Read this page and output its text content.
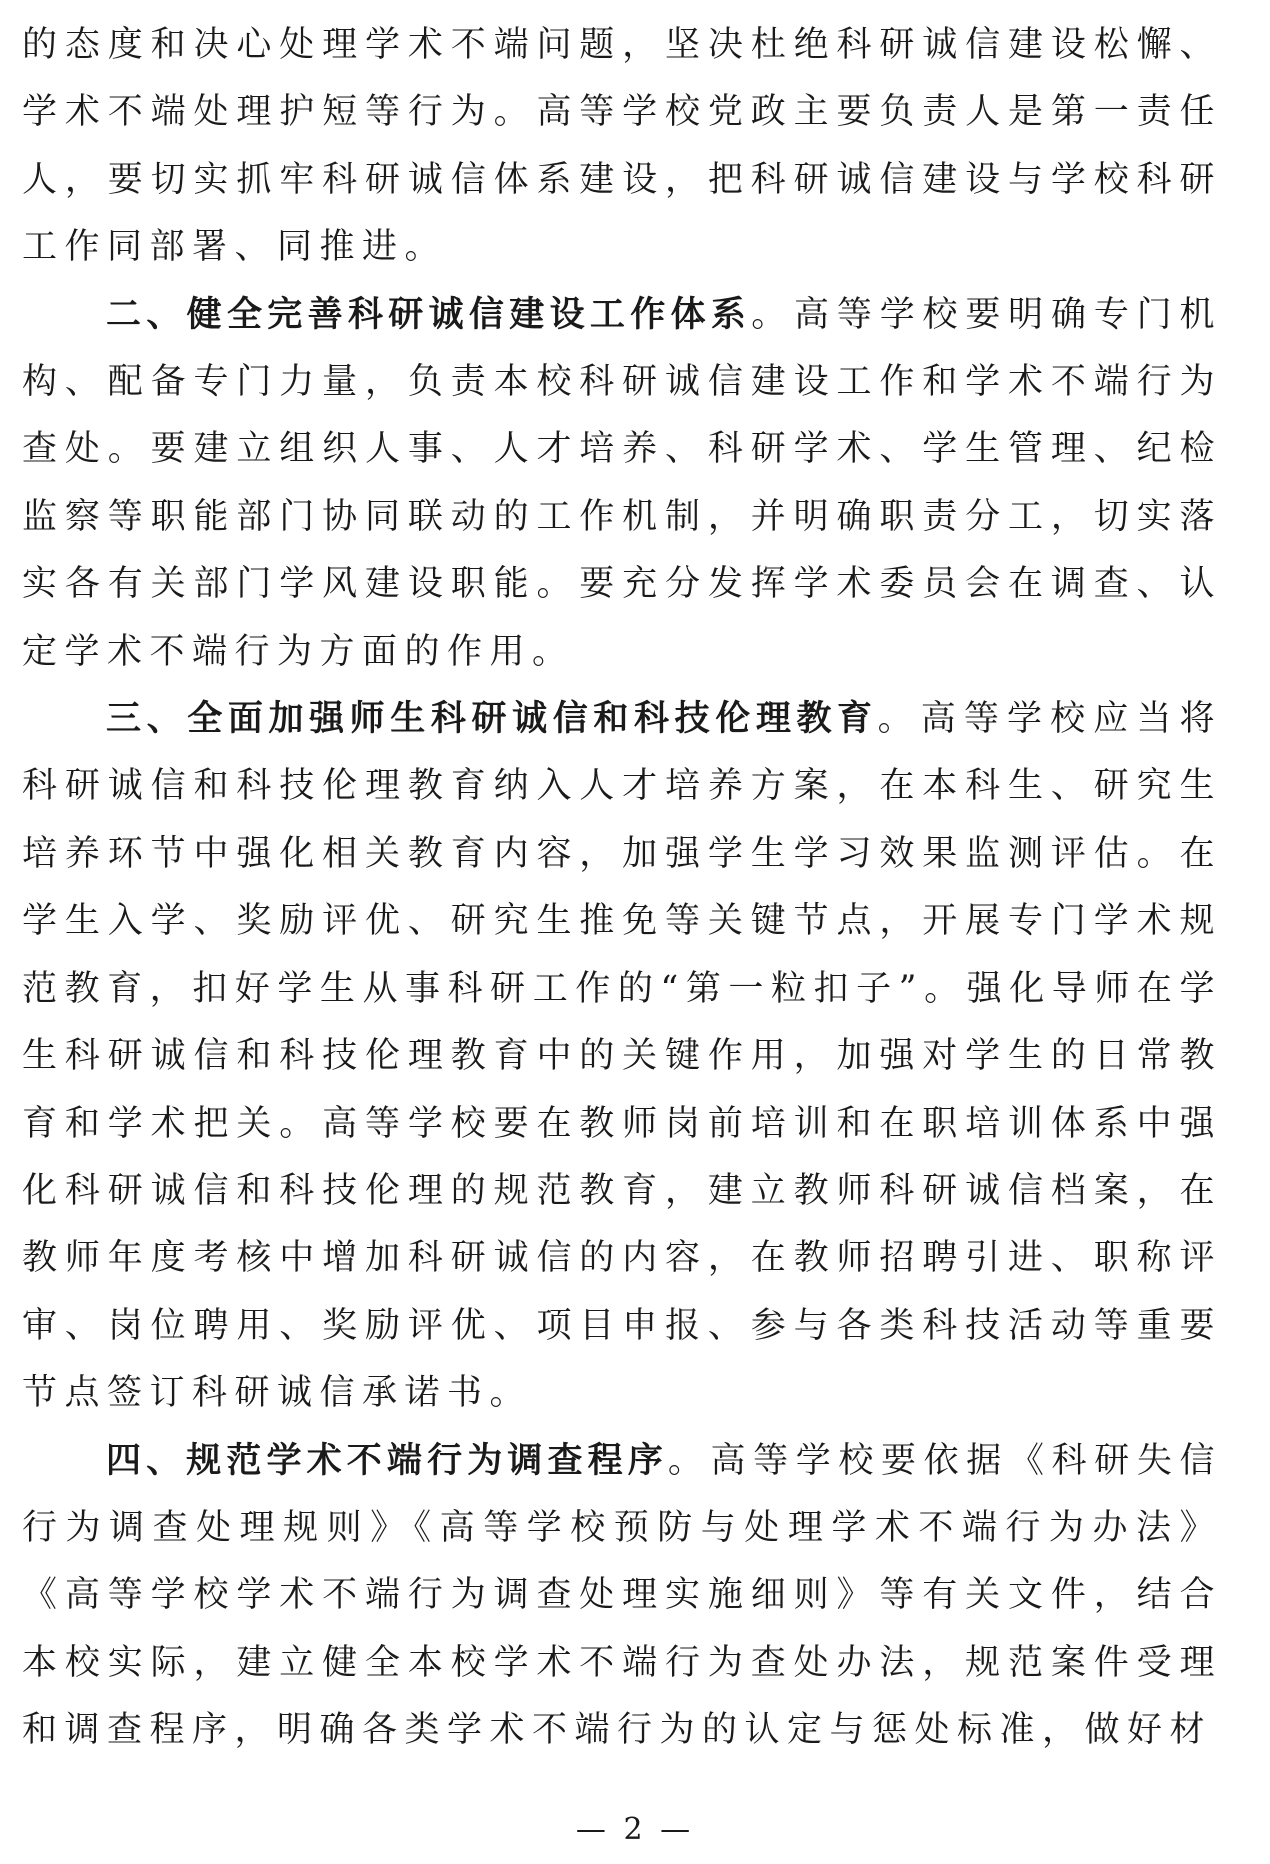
的态度和决心处理学术不端问题，坚决杜绝科研诚信建设松懈、学术不端处理护短等行为。高等学校党政主要负责人是第一责任人，要切实抓牢科研诚信体系建设，把科研诚信建设与学校科研工作同部署、同推进。

二、健全完善科研诚信建设工作体系。高等学校要明确专门机构、配备专门力量，负责本校科研诚信建设工作和学术不端行为查处。要建立组织人事、人才培养、科研学术、学生管理、纪检监察等职能部门协同联动的工作机制，并明确职责分工，切实落实各有关部门学风建设职能。要充分发挥学术委员会在调查、认定学术不端行为方面的作用。

三、全面加强师生科研诚信和科技伦理教育。高等学校应当将科研诚信和科技伦理教育纳入人才培养方案，在本科生、研究生培养环节中强化相关教育内容，加强学生学习效果监测评估。在学生入学、奖励评优、研究生推免等关键节点，开展专门学术规范教育，扣好学生从事科研工作的“第一粒扣子”。强化导师在学生科研诚信和科技伦理教育中的关键作用，加强对学生的日常教育和学术把关。高等学校要在教师岗前培训和在职培训体系中强化科研诚信和科技伦理的规范教育，建立教师科研诚信档案，在教师年度考核中增加科研诚信的内容，在教师招聘引进、职称评审、岗位聘用、奖励评优、项目申报、参与各类科技活动等重要节点签订科研诚信承诺书。

四、规范学术不端行为调查程序。高等学校要依据《科研失信行为调查处理规则》《高等学校预防与处理学术不端行为办法》《高等学校学术不端行为调查处理实施细则》等有关文件，结合本校实际，建立健全本校学术不端行为查处办法，规范案件受理和调查程序，明确各类学术不端行为的认定与惩处标准，做好材

— 2 —
